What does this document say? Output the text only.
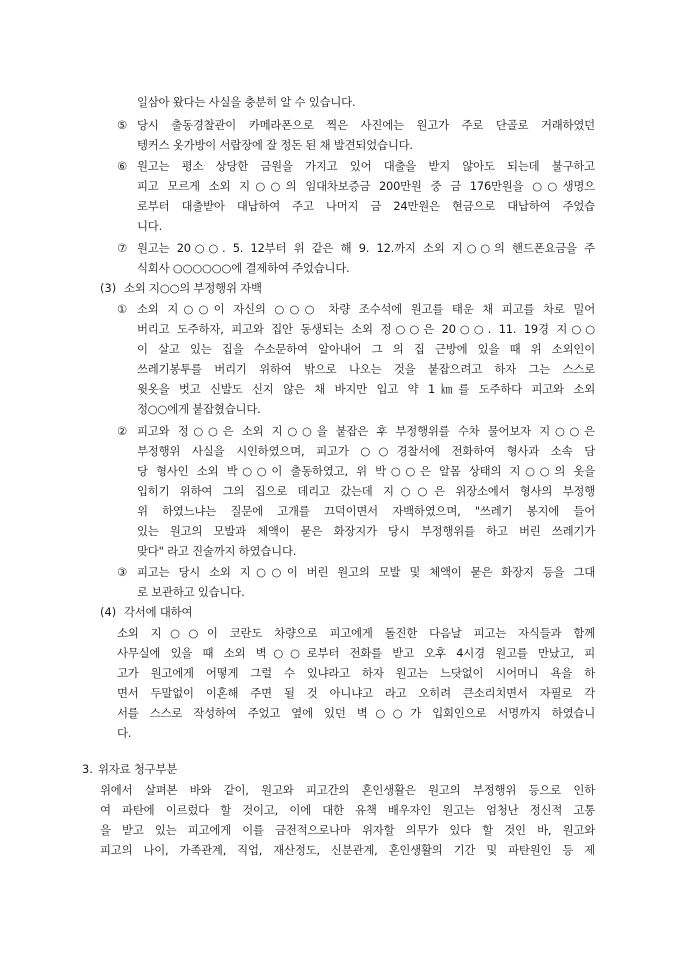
일삼아 왔다는 사실을 충분히 알 수 있습니다.
⑤ 당시 출동경찰관이 카메라폰으로 찍은 사진에는 원고가 주로 단골로 거래하였던
텡커스 옷가방이 서랍장에 잘 정돈 된 채 발견되었습니다.
⑥ 원고는 평소 상당한 금원을 가지고 있어 대출을 받지 않아도 되는데 불구하고
피고 모르게 소외 지○○의 임대차보증금 200만원 중 금 176만원을 ○○생명으
로부터 대출받아 대납하여 주고 나머지 금 24만원은 현금으로 대납하여 주었습
니다.
⑦ 원고는 20○○. 5. 12부터 위 같은 해 9. 12.까지 소외 지○○의 핸드폰요금을 주
식회사 ○○○○○○에 결제하여 주었습니다.
(3) 소외 지○○의 부정행위 자백
① 소외 지○○이 자신의 ○○○ 차량 조수석에 원고를 태운 채 피고를 차로 밀어
버리고 도주하자, 피고와 집안 동생되는 소외 정○○은 20○○. 11. 19경 지○○
이 살고 있는 집을 수소문하여 알아내어 그 의 집 근방에 있을 때 위 소외인이
쓰레기봉투를 버리기 위하여 밖으로 나오는 것을 붙잡으려고 하자 그는 스스로
윗옷을 벗고 신발도 신지 않은 채 바지만 입고 약 1㎞를 도주하다 피고와 소외
정○○에게 붙잡혔습니다.
② 피고와 정○○은 소외 지○○을 붙잡은 후 부정행위를 수차 물어보자 지○○은
부정행위 사실을 시인하였으며, 피고가 ○○경찰서에 전화하여 형사과 소속 담
당 형사인 소외 박○○이 출동하였고, 위 박○○은 알몸 상태의 지○○의 옷을
입히기 위하여 그의 집으로 데리고 갔는데 지○○은 위장소에서 형사의 부정행
위 하였느냐는 질문에 고개를 끄덕이면서 자백하였으며, "쓰레기 봉지에 들어
있는 원고의 모발과 체액이 묻은 화장지가 당시 부정행위를 하고 버린 쓰레기가
맞다" 라고 진술까지 하였습니다.
③ 피고는 당시 소외 지○○이 버린 원고의 모발 및 체액이 묻은 화장지 등을 그대
로 보관하고 있습니다.
(4) 각서에 대하여
소외 지○○이 코란도 차량으로 피고에게 돌진한 다음날 피고는 자식들과 함께
사무실에 있을 때 소외 벽○○로부터 전화를 받고 오후 4시경 원고를 만났고, 피
고가 원고에게 어떻게 그럴 수 있냐라고 하자 원고는 느닷없이 시어머니 욕을 하
면서 두말없이 이혼해 주면 될 것 아니냐고 라고 오히려 큰소리치면서 자필로 각
서를 스스로 작성하여 주었고 옆에 있던 벽○○가 입회인으로 서명까지 하였습니
다.
3. 위자료 청구부분
위에서 살펴본 바와 같이, 원고와 피고간의 혼인생활은 원고의 부정행위 등으로 인하
여 파탄에 이르렀다 할 것이고, 이에 대한 유책 배우자인 원고는 엄청난 정신적 고통
을 받고 있는 피고에게 이를 금전적으로나마 위자할 의무가 있다 할 것인 바, 원고와
피고의 나이, 가족관계, 직업, 재산정도, 신분관계, 혼인생활의 기간 및 파탄원인 등 제
